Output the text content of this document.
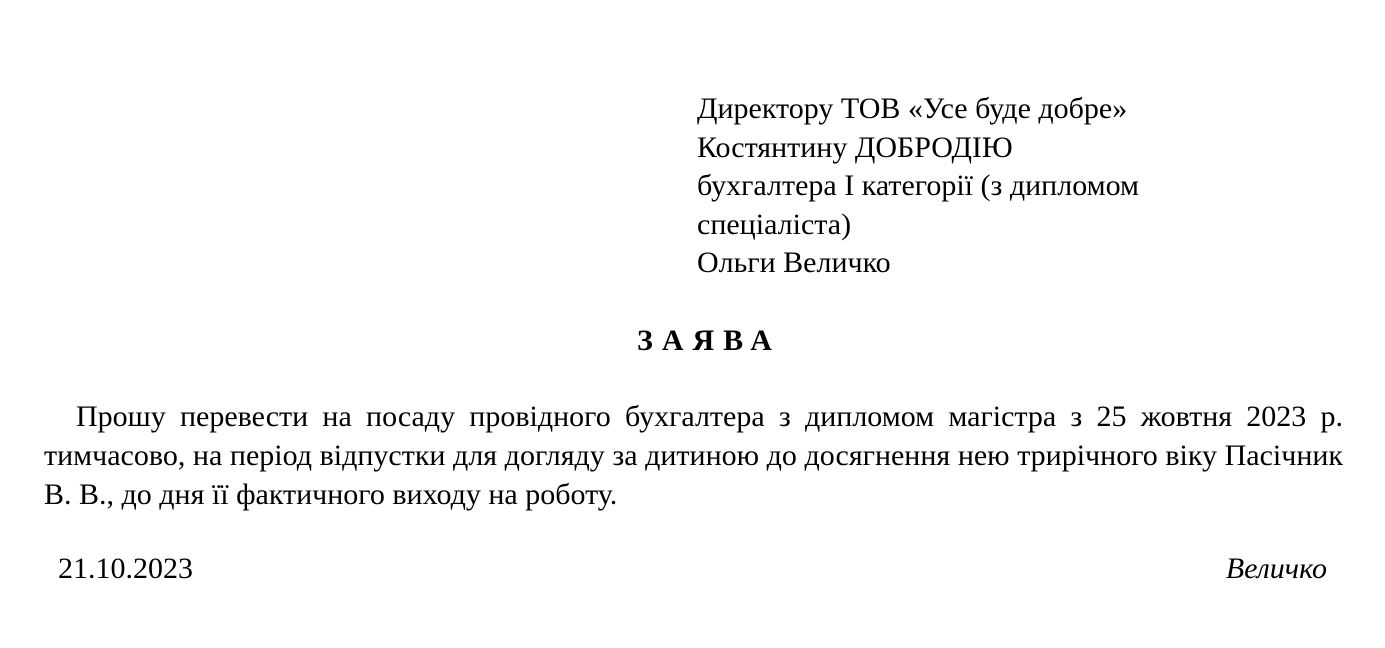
Директору ТОВ «Усе буде добре»
Костянтину ДОБРОДІЮ
бухгалтера I категорії (з дипломом
спеціаліста)
Ольги Величко
ЗАЯВА

Прошу перевести на посаду провідного бухгалтера з дипломом магістра з 25 жовтня 2023 р. тимчасово, на період відпустки для догляду за дитиною до досягнення нею трирічного віку Пасічник В. В., до дня її фактичного виходу на роботу.

21.10.2023	Величко
